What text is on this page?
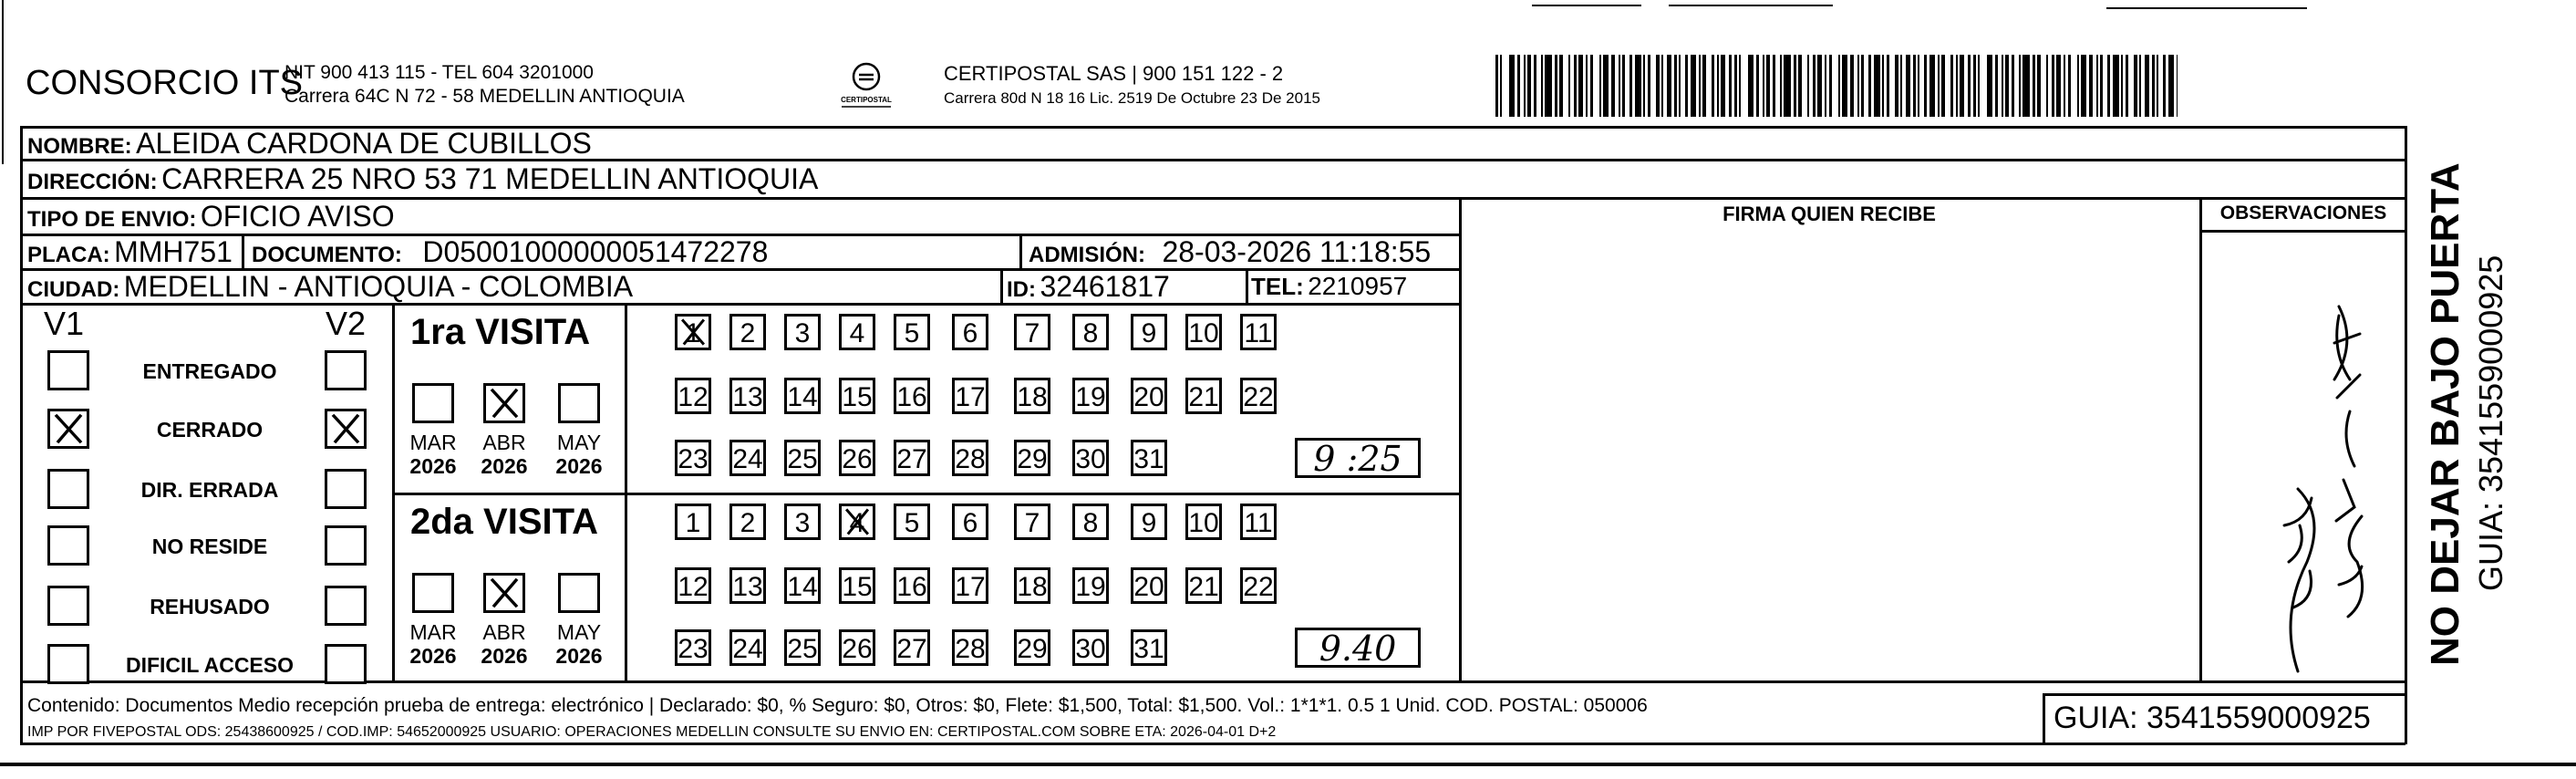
CONSORCIO ITS
NIT 900 413 115 - TEL 604 3201000
Carrera 64C N 72 - 58 MEDELLIN ANTIOQUIA	CERTIPOSTAL
CERTIPOSTAL SAS | 900 151 122 - 2
Carrera 80d N 18 16 Lic. 2519 De Octubre 23 De 2015
NOMBRE: ALEIDA CARDONA DE CUBILLOS
DIRECCIÓN: CARRERA 25 NRO 53 71 MEDELLIN ANTIOQUIA
TIPO DE ENVIO: OFICIO AVISO
PLACA: MMH751 DOCUMENTO: D05001000000051472278	ADMISIÓN: 28-03-2026 11:18:55
CIUDAD: MEDELLIN - ANTIOQUIA - COLOMBIA	ID: 32461817	TEL: 2210957
FIRMA QUIEN RECIBE	OBSERVACIONES
Puerta y reja negra
V1	V2
ENTREGADO
CERRADO
DIR. ERRADA
NO RESIDE
REHUSADO
DIFICIL ACCESO
1ra VISITA
MAR
2026
ABR
2026
MAY
2026
1	2	3	4	5	6	7	8	9	10 11
12 13 14 15 16 17 18 19 20 21 22
23 24 25 26 27 28 29 30 31	9 :25
2da VISITA
MAR
2026
ABR
2026
MAY
2026
1	2	3	4	5	6	7	8	9	10 11
12 13 14 15 16 17 18 19 20 21 22
23 24 25 26 27 28 29 30 31	9.40
Contenido: Documentos Medio recepción prueba de entrega: electrónico | Declarado: $0, % Seguro: $0, Otros: $0, Flete: $1,500, Total: $1,500. Vol.: 1*1*1. 0.5 1 Unid. COD. POSTAL: 050006
IMP POR FIVEPOSTAL ODS: 25438600925 / COD.IMP: 54652000925 USUARIO: OPERACIONES MEDELLIN CONSULTE SU ENVIO EN: CERTIPOSTAL.COM SOBRE ETA: 2026-04-01 D+2	GUIA: 3541559000925
NO DEJAR BAJO PUERTA GUIA: 3541559000925
